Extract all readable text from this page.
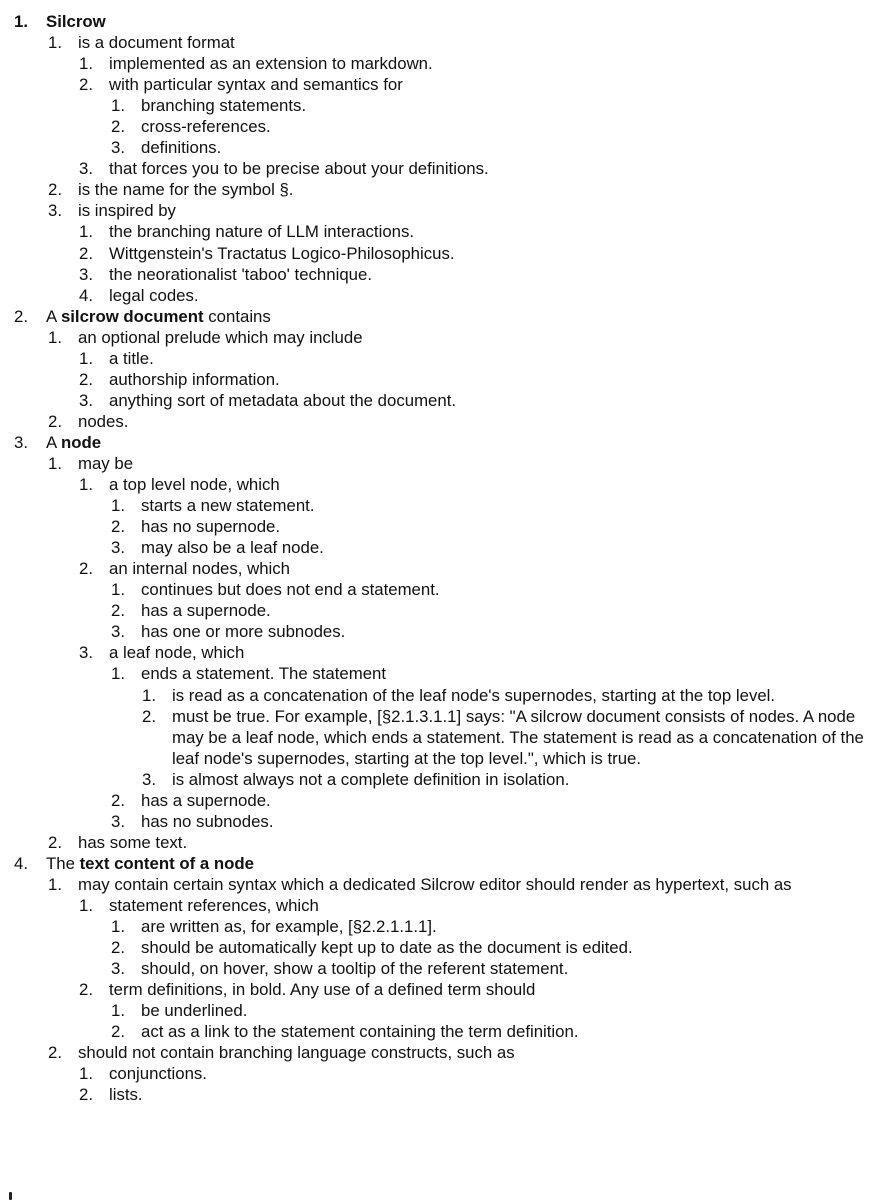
1. Silcrow
1. is a document format
1. implemented as an extension to markdown.
2. with particular syntax and semantics for
1. branching statements.
2. cross-references.
3. definitions.
3. that forces you to be precise about your definitions.
2. is the name for the symbol §.
3. is inspired by
1. the branching nature of LLM interactions.
2. Wittgenstein's Tractatus Logico-Philosophicus.
3. the neorationalist 'taboo' technique.
4. legal codes.
2. A silcrow document contains
1. an optional prelude which may include
1. a title.
2. authorship information.
3. anything sort of metadata about the document.
2. nodes.
3. A node
1. may be
1. a top level node, which
1. starts a new statement.
2. has no supernode.
3. may also be a leaf node.
2. an internal nodes, which
1. continues but does not end a statement.
2. has a supernode.
3. has one or more subnodes.
3. a leaf node, which
1. ends a statement. The statement
1. is read as a concatenation of the leaf node's supernodes, starting at the top level.
2. must be true. For example, [§2.1.3.1.1] says: "A silcrow document consists of nodes. A node may be a leaf node, which ends a statement. The statement is read as a concatenation of the leaf node's supernodes, starting at the top level.", which is true.
3. is almost always not a complete definition in isolation.
2. has a supernode.
3. has no subnodes.
2. has some text.
4. The text content of a node
1. may contain certain syntax which a dedicated Silcrow editor should render as hypertext, such as
1. statement references, which
1. are written as, for example, [§2.2.1.1.1].
2. should be automatically kept up to date as the document is edited.
3. should, on hover, show a tooltip of the referent statement.
2. term definitions, in bold. Any use of a defined term should
1. be underlined.
2. act as a link to the statement containing the term definition.
2. should not contain branching language constructs, such as
1. conjunctions.
2. lists.
